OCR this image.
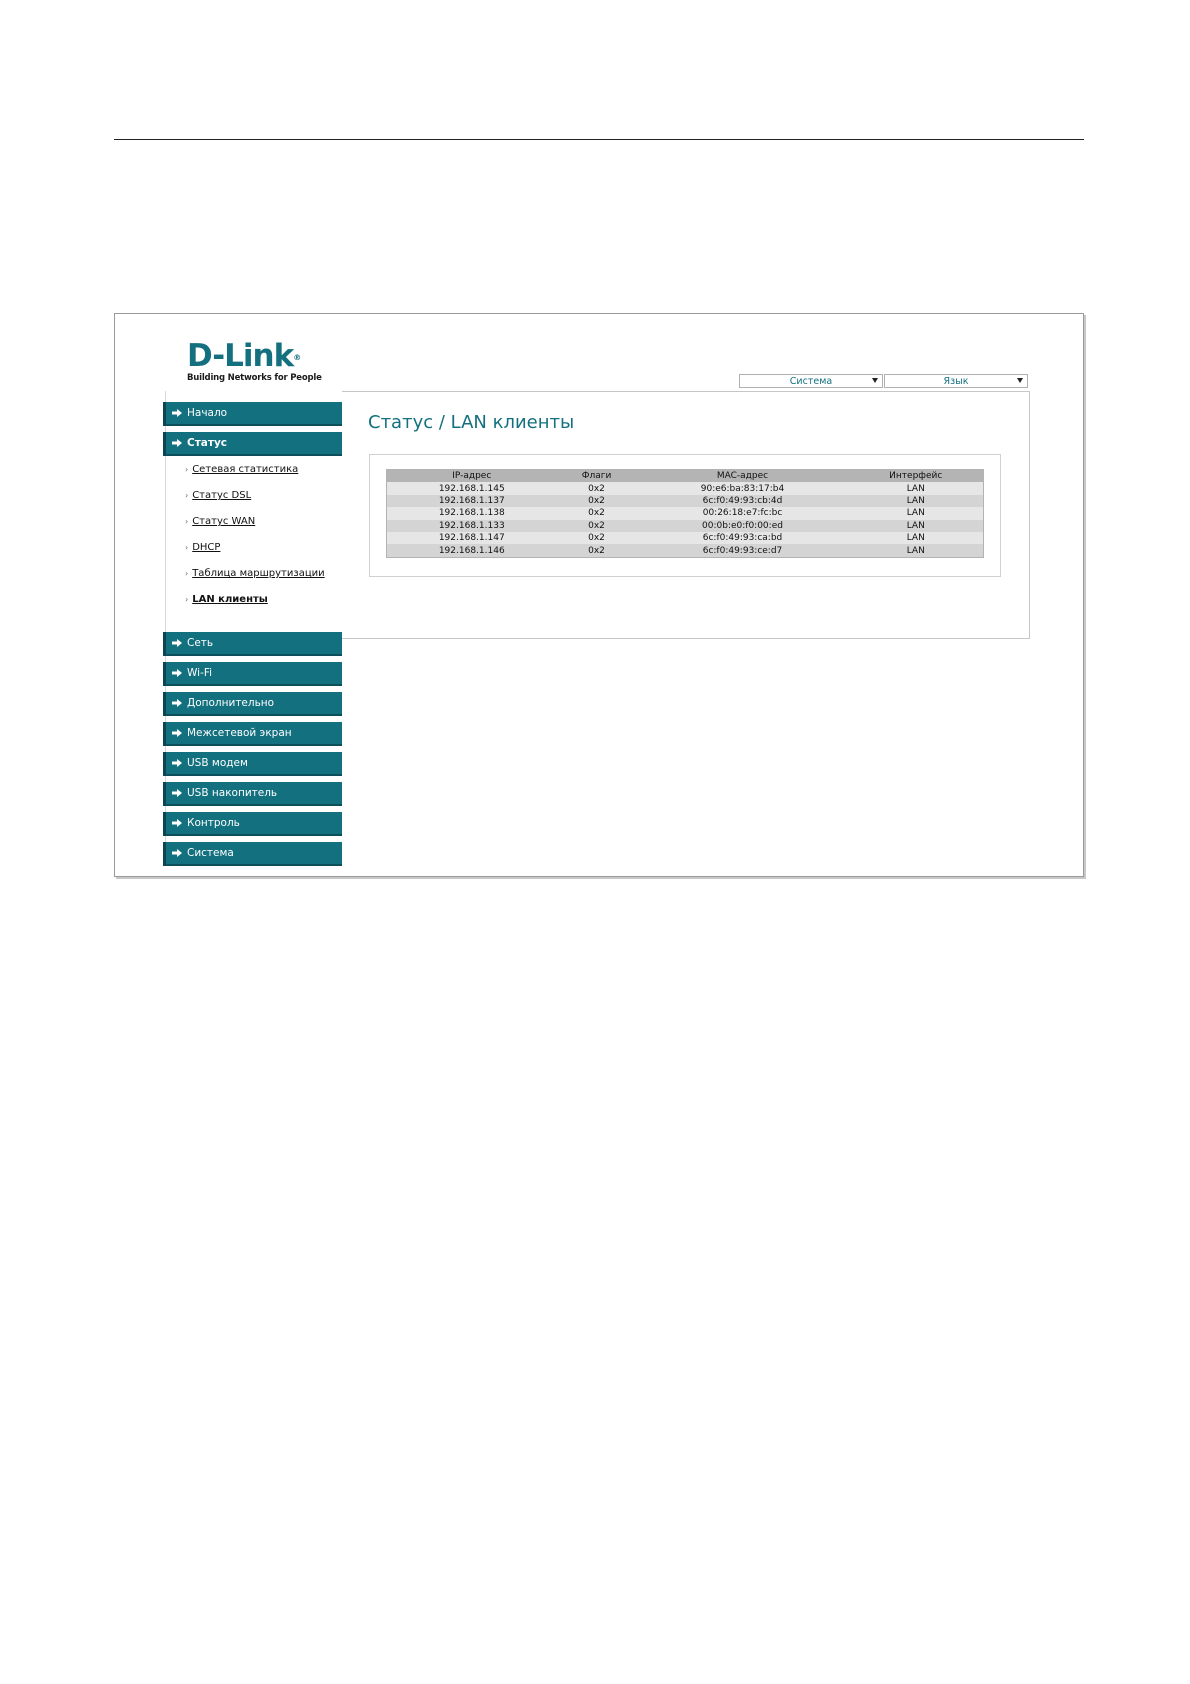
D-Link®
Building Networks for People	Система	Язык
Начало
Статус
› Сетевая статистика
› Статус DSL
› Статус WAN
› DHCP
› Таблица маршрутизации
› LAN клиенты
Сеть
Wi-Fi
Дополнительно
Межсетевой экран
USB модем
USB накопитель
Контроль
Система
Статус / LAN клиенты
IP-адрес	Флаги	MAC-адрес	Интерфейс
192.168.1.145	0x2	90:e6:ba:83:17:b4	LAN
192.168.1.137	0x2	6c:f0:49:93:cb:4d	LAN
192.168.1.138	0x2	00:26:18:e7:fc:bc	LAN
192.168.1.133	0x2	00:0b:e0:f0:00:ed	LAN
192.168.1.147	0x2	6c:f0:49:93:ca:bd	LAN
192.168.1.146	0x2	6c:f0:49:93:ce:d7	LAN
